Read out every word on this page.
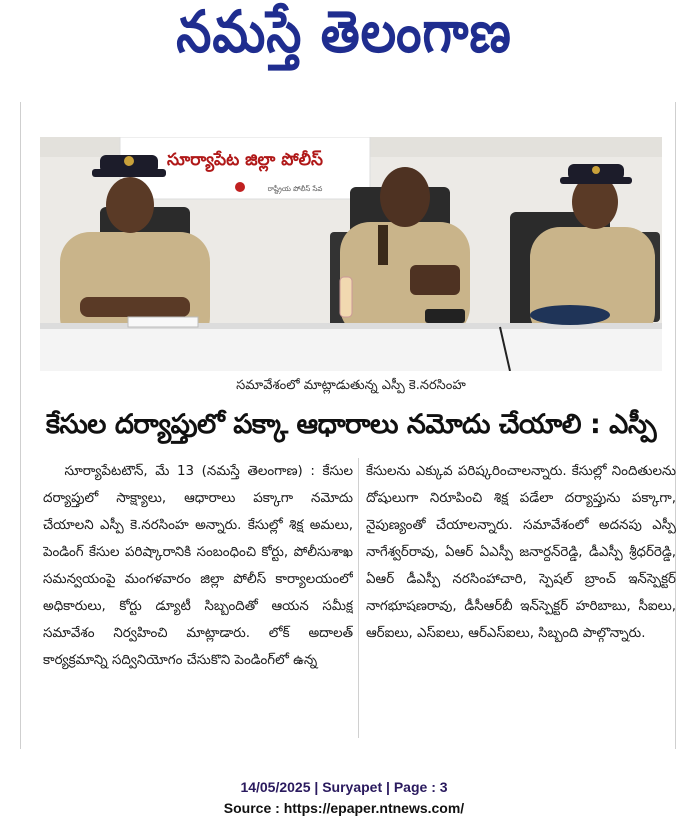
నమస్తే తెలంగాణ
సూర్యాపేట జిల్లా పోలీస్
రాష్ట్రీయ పోలీస్ సేవ
సమావేశంలో మాట్లాడుతున్న ఎస్పీ కె.నరసింహ
కేసుల దర్యాప్తులో పక్కా ఆధారాలు నమోదు చేయాలి : ఎస్పీ

సూర్యాపేటటౌన్, మే 13 (నమస్తే తెలంగాణ) : కేసుల దర్యాప్తులో సాక్ష్యాలు, ఆధారాలు పక్కాగా నమోదు చేయాలని ఎస్పీ కె.నరసింహ అన్నారు. కేసుల్లో శిక్ష అమలు, పెండింగ్ కేసుల పరిష్కారానికి సంబంధించి కోర్టు, పోలీసుశాఖ సమన్వయంపై మంగళవారం జిల్లా పోలీస్ కార్యాలయంలో అధికారులు, కోర్టు డ్యూటీ సిబ్బందితో ఆయన సమీక్ష సమావేశం నిర్వహించి మాట్లాడారు. లోక్ అదాలత్ కార్యక్రమాన్ని సద్వినియోగం చేసుకొని పెండింగ్‌లో ఉన్న

కేసులను ఎక్కువ పరిష్కరించాలన్నారు. కేసుల్లో నిందితులను దోషులుగా నిరూపించి శిక్ష పడేలా దర్యాప్తును పక్కాగా, నైపుణ్యంతో చేయాలన్నారు. సమావేశంలో అదనపు ఎస్పీ నాగేశ్వర్‌రావు, ఏఆర్ ఏఎస్పీ జనార్దన్‌రెడ్డి, డీఎస్పీ శ్రీధర్‌రెడ్డి, ఏఆర్ డీఎస్పీ నరసింహాచారి, స్పెషల్ బ్రాంచ్ ఇన్‌స్పెక్టర్ నాగభూషణరావు, డీసీఆర్‌బీ ఇన్‌స్పెక్టర్ హరిబాబు, సీఐలు, ఆర్ఐలు, ఎస్ఐలు, ఆర్ఎస్ఐలు, సిబ్బంది పాల్గొన్నారు.

14/05/2025 | Suryapet | Page : 3
Source : https://epaper.ntnews.com/
